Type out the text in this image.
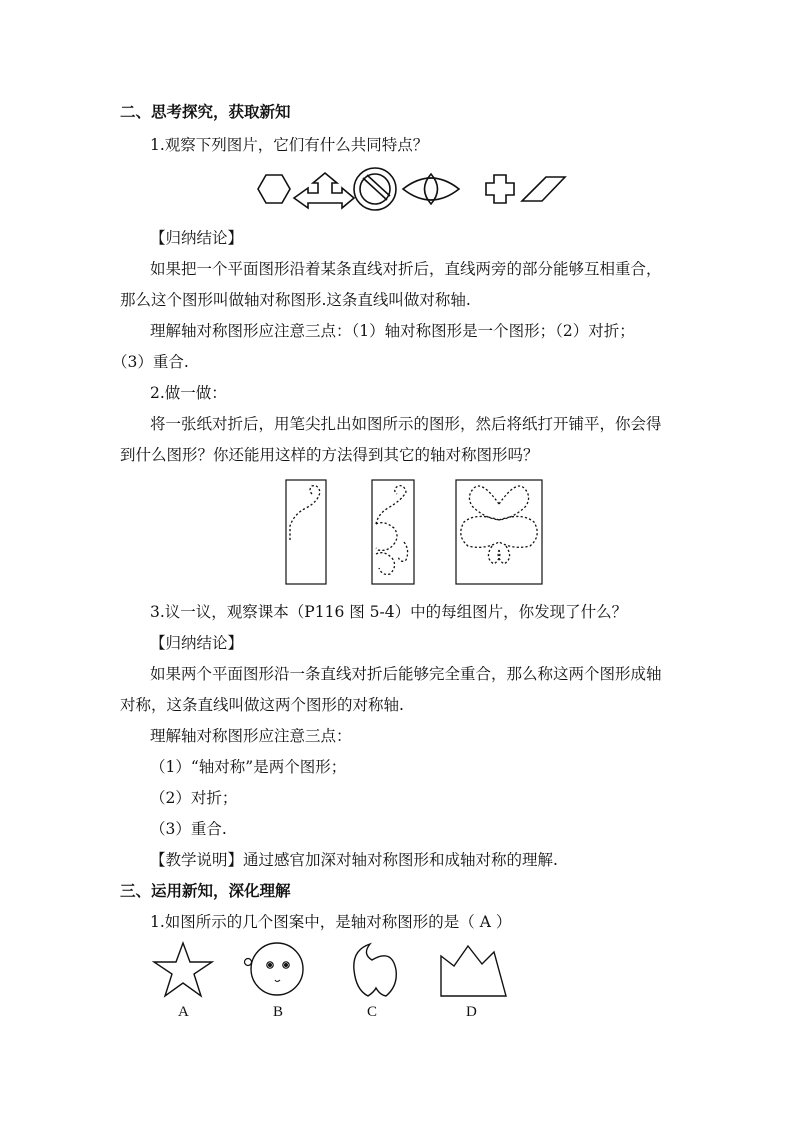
二、思考探究，获取新知
1.观察下列图片，它们有什么共同特点？
【归纳结论】
如果把一个平面图形沿着某条直线对折后，直线两旁的部分能够互相重合，
那么这个图形叫做轴对称图形.这条直线叫做对称轴.
理解轴对称图形应注意三点：（1）轴对称图形是一个图形；（2）对折；
（3）重合.
2.做一做：
将一张纸对折后，用笔尖扎出如图所示的图形，然后将纸打开铺平，你会得
到什么图形？你还能用这样的方法得到其它的轴对称图形吗？
3.议一议，观察课本（P116 图 5-4）中的每组图片，你发现了什么？
【归纳结论】
如果两个平面图形沿一条直线对折后能够完全重合，那么称这两个图形成轴
对称，这条直线叫做这两个图形的对称轴.
理解轴对称图形应注意三点：
（1）“轴对称”是两个图形；
（2）对折；
（3）重合.
【教学说明】通过感官加深对轴对称图形和成轴对称的理解.
三、运用新知，深化理解
1.如图所示的几个图案中，是轴对称图形的是（ A ）
A	B	C	D
